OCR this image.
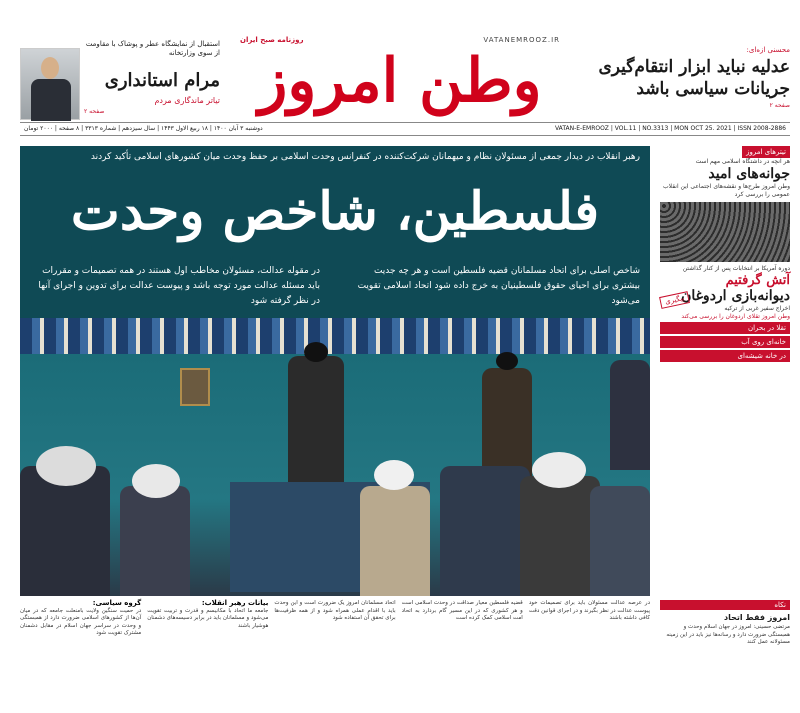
استقبال از نمایشگاه عطر و پوشاک با مقاومت از سوی وزارتخانه
مرام استانداری
تیاتر ماندگاری مردم
صفحه ۲
VATANEMROOZ.IR
روزنامه صبح ایران
وطن امروز	محسنی ازه‌ای:
عدلیه نباید ابزار انتقام‌گیری جریانات سیاسی باشد
صفحه ۲
VATAN-E-EMROOZ | VOL.11 | NO.3313 | MON OCT 25. 2021 | ISSN 2008-2886
دوشنبه ۳ آبان ۱۴۰۰ | ۱۸ ربیع الاول ۱۴۴۳ | سال سیزدهم | شماره ۳۳۱۳ | ۸ صفحه | ۲۰۰۰ تومان
رهبر انقلاب در دیدار جمعی از مسئولان نظام و میهمانان شرکت‌کننده در کنفرانس وحدت اسلامی بر حفظ وحدت میان کشورهای اسلامی تأکید کردند
فلسطین، شاخص وحدت
شاخص اصلی برای اتحاد مسلمانان قضیه فلسطین است و هر چه جدیت بیشتری برای احیای حقوق فلسطینیان به خرج داده شود اتحاد اسلامی تقویت می‌شود
در مقوله عدالت، مسئولان مخاطب اول هستند در همه تصمیمات و مقررات باید مسئله عدالت مورد توجه باشد و پیوست عدالت برای تدوین و اجرای آنها در نظر گرفته شود
عکس: لیدر
تیترهای امروز
هر آنچه در داشتگاه اسلامی مهم است
جوانه‌های امید
وطن امروز طرح‌ها و نقشه‌های اجتماعی این انقلاب عمومی را بررسی کرد
دوره آمریکا بر انتخابات پس از کنار گذاشتن
آتش گرفتیم
پیگیری
دیوانه‌بازی اردوغان
اخراج سفیر غربی از ترکیه
وطن امروز تقلای اردوغان را بررسی می‌کند
تقلا در بحران
خانه‌ای روی آب
در خانه شیشه‌ای
گروه سیاسی:
در حمیت سنگین ولایت بامنعلت جامعه که در میان آن‌ها از کشورهای اسلامی ضرورت دارد از همبستگی و وحدت در سراسر جهان اسلام در مقابل دشمنان مشترک تقویت شود
بیانات رهبر انقلاب:
جامعه ما اتحاد با مکانیسم و قدرت و تربیت تقویت می‌شود و مسلمانان باید در برابر دسیسه‌های دشمنان هوشیار باشند
اتحاد مسلمانان امروز یک ضرورت است و این وحدت باید با اقدام عملی همراه شود و از همه ظرفیت‌ها برای تحقق آن استفاده شود
قضیه فلسطین معیار صداقت در وحدت اسلامی است و هر کشوری که در این مسیر گام بردارد به اتحاد امت اسلامی کمک کرده است
در عرصه عدالت مسئولان باید برای تصمیمات خود پیوست عدالت در نظر بگیرند و در اجرای قوانین دقت کافی داشته باشند
نکاه
امروز فقط اتحاد
مرتضی حسینی: امروز در جهان اسلام وحدت و همبستگی ضرورت دارد و رسانه‌ها نیز باید در این زمینه مسئولانه عمل کنند
